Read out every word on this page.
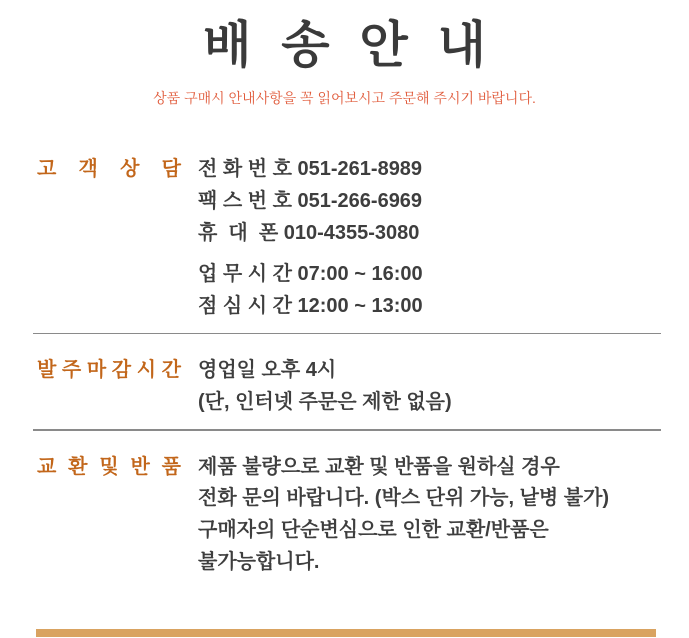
배 송 안 내

상품 구매시 안내사항을 꼭 읽어보시고 주문해 주시기 바랍니다.

고 객 상 담 전 화 번 호 051-261-8989
팩 스 번 호 051-266-6969
휴  대  폰 010-4355-3080
업 무 시 간 07:00 ~ 16:00
점 심 시 간 12:00 ~ 13:00
발 주 마 감 시 간 영업일 오후 4시
(단, 인터넷 주문은 제한 없음)
교 환 및 반 품 제품 불량으로 교환 및 반품을 원하실 경우
전화 문의 바랍니다. (박스 단위 가능, 낱병 불가)
구매자의 단순변심으로 인한 교환/반품은
불가능합니다.
